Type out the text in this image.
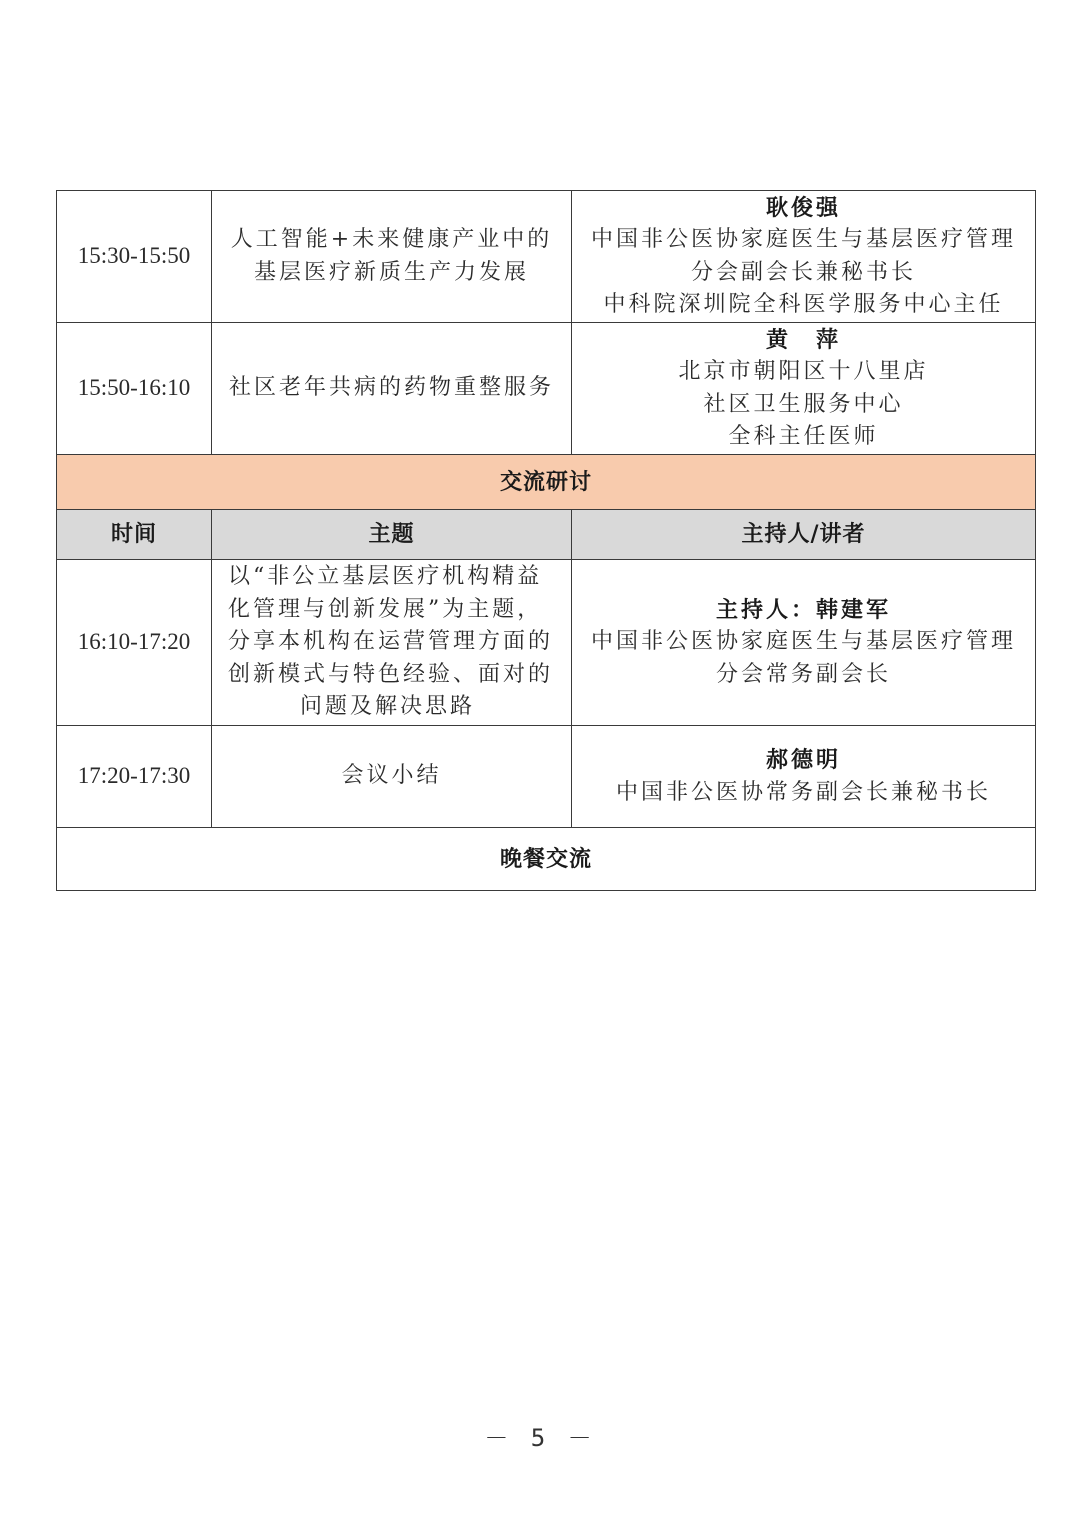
15:30-15:50	人工智能+未来健康产业中的
基层医疗新质生产力发展	耿俊强
中国非公医协家庭医生与基层医疗管理
分会副会长兼秘书长
中科院深圳院全科医学服务中心主任

15:50-16:10	社区老年共病的药物重整服务	黄　萍
北京市朝阳区十八里店
社区卫生服务中心
全科主任医师

交流研讨		
时间	主题	主持人/讲者
16:10-17:20	以“非公立基层医疗机构精益
化管理与创新发展”为主题，
分享本机构在运营管理方面的
创新模式与特色经验、面对的
问题及解决思路	主持人：韩建军
中国非公医协家庭医生与基层医疗管理
分会常务副会长

17:20-17:30	会议小结	郝德明
中国非公医协常务副会长兼秘书长

晚餐交流		
－ 5 －
